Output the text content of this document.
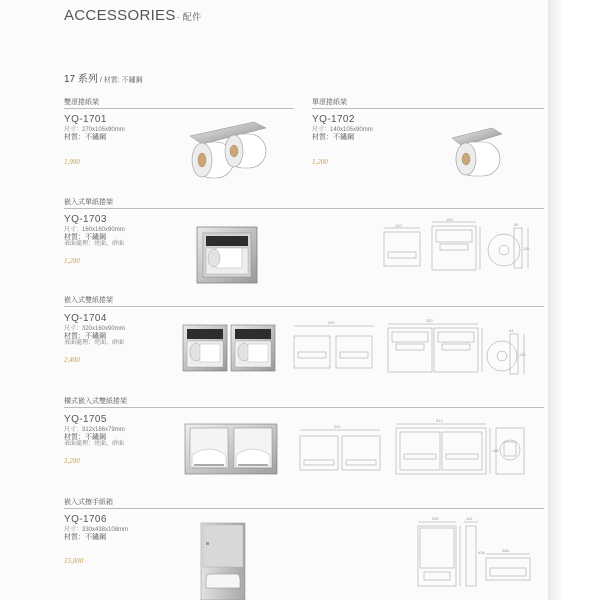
ACCESSORIES· 配件
17 系列 / 材質: 不鏽鋼
雙滾捲紙架
YQ-1701
尺寸：270x105x90mm
材質：不鏽鋼
1,900
單滾捲紙架
YQ-1702
尺寸：140x105x90mm
材質：不鏽鋼
1,200
嵌入式單紙捲架
YQ-1703
尺寸：160x160x90mm
材質：不鏽鋼
表面處理：亮面、砂面
1,200
120
160
90
110
嵌入式雙紙捲架
YQ-1704
尺寸：320x160x90mm
材質：不鏽鋼
表面處理：亮面、砂面
2,400
290	320
94
130
橫式嵌入式雙紙捲架
YQ-1705
尺寸：312x166x79mm
材質：不鏽鋼
表面處理：亮面、砂面
3,200
291
312
166
嵌入式擦手紙箱
YQ-1706
尺寸：330x438x108mm
材質：不鏽鋼
15,000
330	112
288
438
